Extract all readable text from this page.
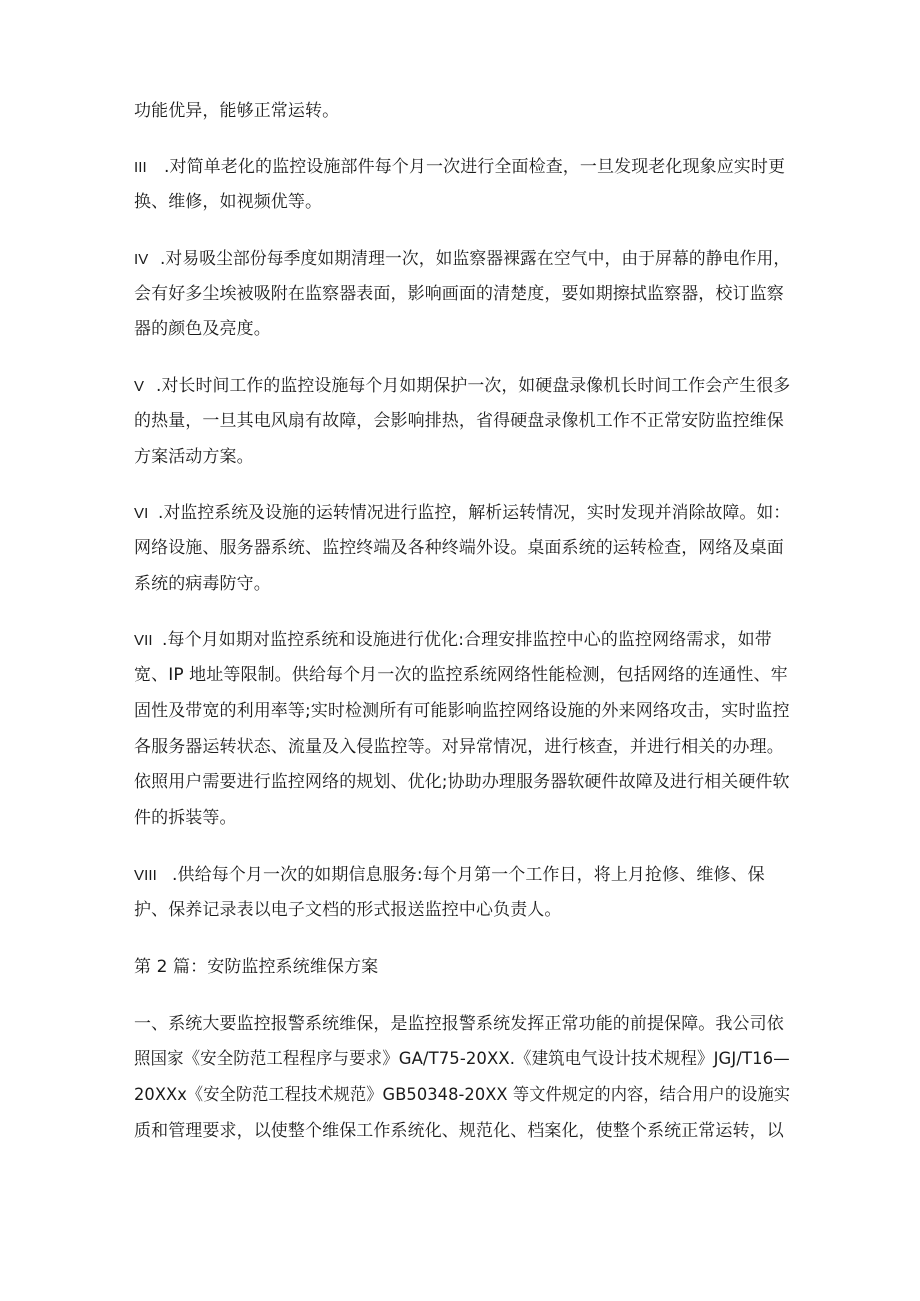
功能优异，能够正常运转。
III .对简单老化的监控设施部件每个月一次进行全面检查，一旦发现老化现象应实时更
换、维修，如视频优等。
IV .对易吸尘部份每季度如期清理一次，如监察器裸露在空气中，由于屏幕的静电作用，
会有好多尘埃被吸附在监察器表面，影响画面的清楚度，要如期擦拭监察器，校订监察
器的颜色及亮度。
V .对长时间工作的监控设施每个月如期保护一次，如硬盘录像机长时间工作会产生很多
的热量，一旦其电风扇有故障，会影响排热，省得硬盘录像机工作不正常安防监控维保
方案活动方案。
VI .对监控系统及设施的运转情况进行监控，解析运转情况，实时发现并消除故障。如：
网络设施、服务器系统、监控终端及各种终端外设。桌面系统的运转检查，网络及桌面
系统的病毒防守。
VII .每个月如期对监控系统和设施进行优化:合理安排监控中心的监控网络需求，如带
宽、IP 地址等限制。供给每个月一次的监控系统网络性能检测，包括网络的连通性、牢
固性及带宽的利用率等;实时检测所有可能影响监控网络设施的外来网络攻击，实时监控
各服务器运转状态、流量及入侵监控等。对异常情况，进行核查，并进行相关的办理。
依照用户需要进行监控网络的规划、优化;协助办理服务器软硬件故障及进行相关硬件软
件的拆装等。
VIII .供给每个月一次的如期信息服务:每个月第一个工作日，将上月抢修、维修、保
护、保养记录表以电子文档的形式报送监控中心负责人。
第 2 篇：安防监控系统维保方案
一、系统大要监控报警系统维保，是监控报警系统发挥正常功能的前提保障。我公司依
照国家《安全防范工程程序与要求》GA/T75-20XX.《建筑电气设计技术规程》JGJ/T16—
20XXx《安全防范工程技术规范》GB50348-20XX 等文件规定的内容，结合用户的设施实
质和管理要求，以使整个维保工作系统化、规范化、档案化，使整个系统正常运转，以
